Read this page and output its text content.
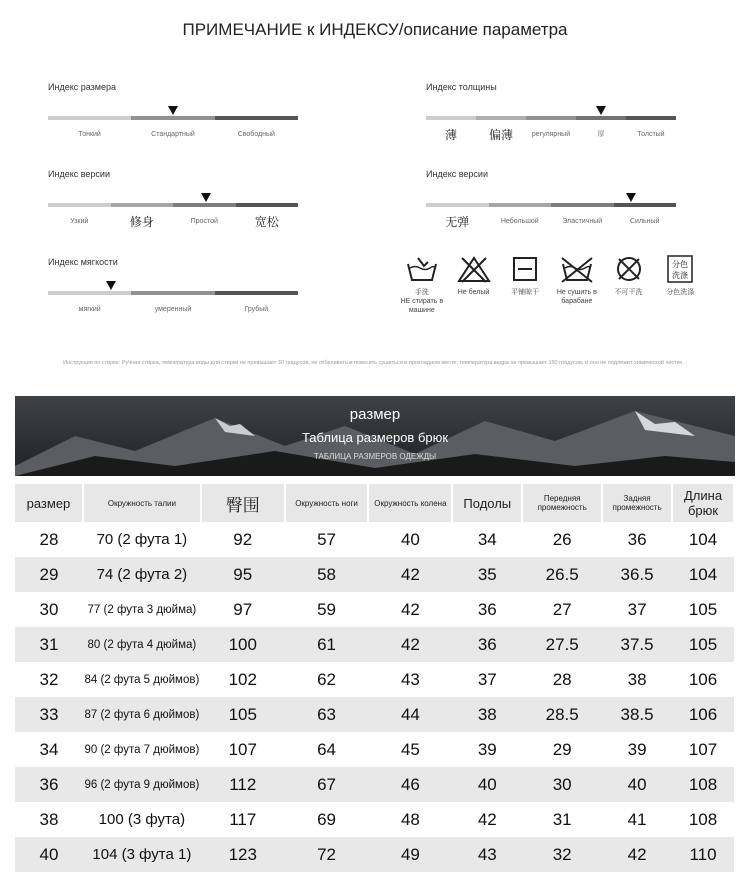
ПРИМЕЧАНИЕ к ИНДЕКСУ/описание параметра
Индекс размера
Тонкий	Стандартный	Свободный
Индекс толщины
薄	偏薄	регулярный	厚	Толстый
Индекс версии
Узкий	修身	Простой	宽松
Индекс версии
无弹	Небольшой	Эластичный	Сильный
Индекс мягкости
мягкий	умеренный	Грубый
手洗
НЕ стирать в машине
Не белый	平铺晾干	Не сушить в барабане
不可干洗
分色
洗涤
分色洗涤
Инструкция по стирке: Ручная стирка, температура воды для стирки не превышает 30 градусов, не отбеливать и повесить сушиться в прохладном месте; температура ведра не превышает 150 градусов, и оно не подлежит химической чистке. ;
размер
Таблица размеров брюк
ТАБЛИЦА РАЗМЕРОВ ОДЕЖДЫ
размер	Окружность талии	臀围	Окружность ноги	Окружность колена	Подолы	Передняя промежность	Задняя промежность	Длина брюк
28	70 (2 фута 1)	92	57	40	34	26	36	104
29	74 (2 фута 2)	95	58	42	35	26.5	36.5	104
30	77 (2 фута 3 дюйма)	97	59	42	36	27	37	105
31	80 (2 фута 4 дюйма)	100	61	42	36	27.5	37.5	105
32	84 (2 фута 5 дюймов)	102	62	43	37	28	38	106
33	87 (2 фута 6 дюймов)	105	63	44	38	28.5	38.5	106
34	90 (2 фута 7 дюймов)	107	64	45	39	29	39	107
36	96 (2 фута 9 дюймов)	112	67	46	40	30	40	108
38	100 (3 фута)	117	69	48	42	31	41	108
40	104 (3 фута 1)	123	72	49	43	32	42	110
